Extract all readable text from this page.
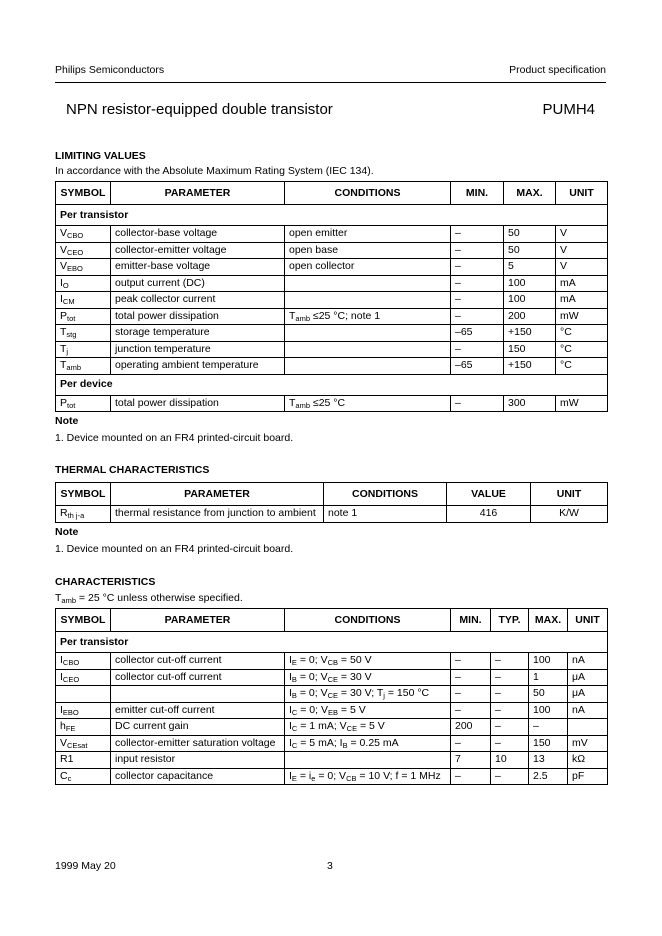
Philips Semiconductors	Product specification
NPN resistor-equipped double transistor	PUMH4
LIMITING VALUES
In accordance with the Absolute Maximum Rating System (IEC 134).
SYMBOL	PARAMETER	CONDITIONS	MIN.	MAX.	UNIT
Per transistor					
$V_{CBO}$	collector-base voltage	open emitter	–	50	V
$V_{CEO}$	collector-emitter voltage	open base	–	50	V
$V_{EBO}$	emitter-base voltage	open collector	–	5	V
$I_O$	output current (DC)		–	100	mA
$I_{CM}$	peak collector current		–	100	mA
$P_{tot}$	total power dissipation	$T_{amb} \le 25$ °C; note 1	–	200	mW
$T_{stg}$	storage temperature		–65	+150	°C
$T_j$	junction temperature		–	150	°C
$T_{amb}$	operating ambient temperature		–65	+150	°C
Per device					
$P_{tot}$	total power dissipation	$T_{amb} \le 25$ °C	–	300	mW
Note
1. Device mounted on an FR4 printed-circuit board.
THERMAL CHARACTERISTICS
SYMBOL	PARAMETER	CONDITIONS	VALUE	UNIT
$R_{th j-a}$	thermal resistance from junction to ambient	note 1	416	K/W
Note
1. Device mounted on an FR4 printed-circuit board.
CHARACTERISTICS
$T_{amb} = 25$ °C unless otherwise specified.
SYMBOL	PARAMETER	CONDITIONS	MIN.	TYP.	MAX.	UNIT
Per transistor						
$I_{CBO}$	collector cut-off current	$I_E = 0$; $V_{CB} = 50$ V	–	–	100	nA
$I_{CEO}$	collector cut-off current	$I_B = 0$; $V_{CE} = 30$ V	–	–	1	μA
		$I_B = 0$; $V_{CE} = 30$ V; $T_j = 150$ °C	–	–	50	μA
$I_{EBO}$	emitter cut-off current	$I_C = 0$; $V_{EB} = 5$ V	–	–	100	nA
$h_{FE}$	DC current gain	$I_C = 1$ mA; $V_{CE} = 5$ V	200	–	–	
$V_{CEsat}$	collector-emitter saturation voltage	$I_C = 5$ mA; $I_B = 0.25$ mA	–	–	150	mV
R1	input resistor		7	10	13	kΩ
$C_c$	collector capacitance	$I_E = i_e = 0$; $V_{CB} = 10$ V; f = 1 MHz	–	–	2.5	pF
1999 May 20	3
